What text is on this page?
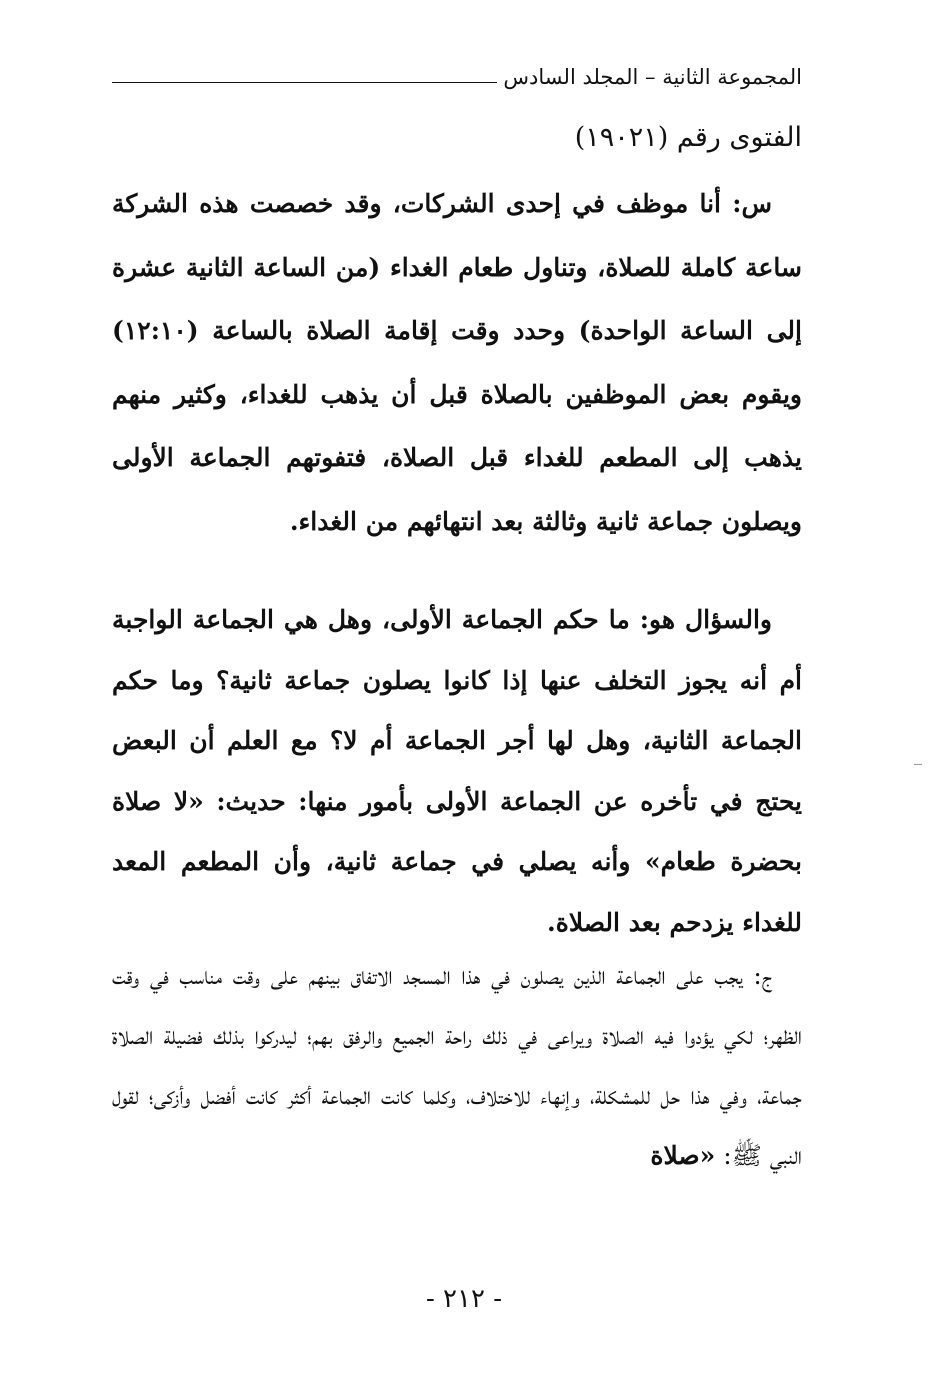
المجموعة الثانية – المجلد السادس
الفتوى رقم (١٩٠٢١)

س: أنا موظف في إحدى الشركات، وقد خصصت هذه الشركة ساعة كاملة للصلاة، وتناول طعام الغداء (من الساعة الثانية عشرة إلى الساعة الواحدة) وحدد وقت إقامة الصلاة بالساعة (١٢:١٠) ويقوم بعض الموظفين بالصلاة قبل أن يذهب للغداء، وكثير منهم يذهب إلى المطعم للغداء قبل الصلاة، فتفوتهم الجماعة الأولى ويصلون جماعة ثانية وثالثة بعد انتهائهم من الغداء.

والسؤال هو: ما حكم الجماعة الأولى، وهل هي الجماعة الواجبة أم أنه يجوز التخلف عنها إذا كانوا يصلون جماعة ثانية؟ وما حكم الجماعة الثانية، وهل لها أجر الجماعة أم لا؟ مع العلم أن البعض يحتج في تأخره عن الجماعة الأولى بأمور منها: حديث: «لا صلاة بحضرة طعام» وأنه يصلي في جماعة ثانية، وأن المطعم المعد للغداء يزدحم بعد الصلاة.

ج: يجب على الجماعة الذين يصلون في هذا المسجد الاتفاق بينهم على وقت مناسب في وقت الظهر؛ لكي يؤدوا فيه الصلاة ويراعى في ذلك راحة الجميع والرفق بهم؛ ليدركوا بذلك فضيلة الصلاة جماعة، وفي هذا حل للمشكلة، وإنهاء للاختلاف، وكلما كانت الجماعة أكثر كانت أفضل وأزكى؛ لقول النبي ﷺ: «صلاة

- ٢١٢ -
